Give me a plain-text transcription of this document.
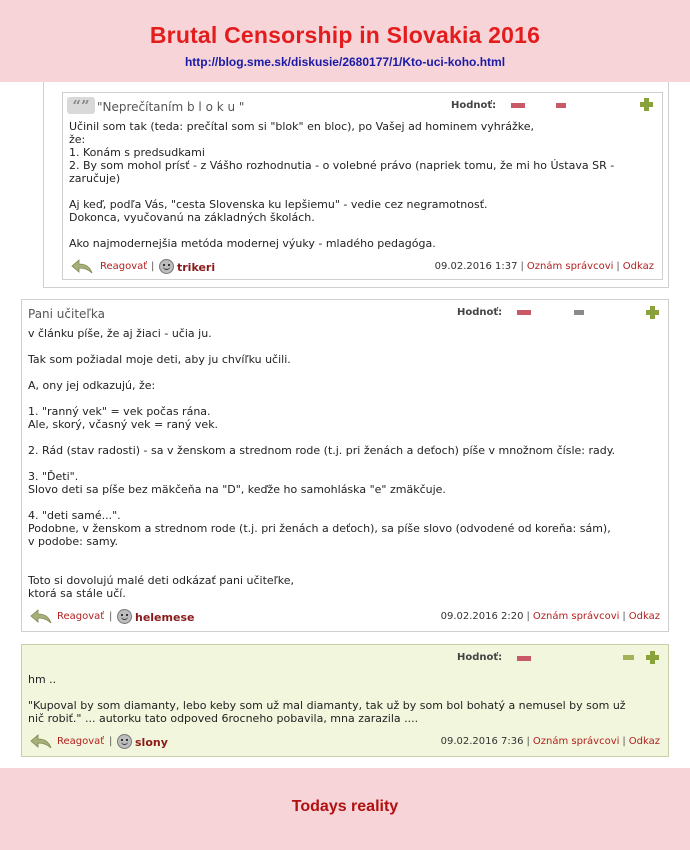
Brutal Censorship in Slovakia 2016
http://blog.sme.sk/diskusie/2680177/1/Kto-uci-koho.html
“” "Neprečítaním b l o k u "	Hodnoť:
Učinil som tak (teda: prečítal som si "blok" en bloc), po Vašej ad hominem vyhrážke,
že:
1. Konám s predsudkami
2. By som mohol prísť - z Vášho rozhodnutia - o volebné právo (napriek tomu, že mi ho Ústava SR - zaručuje)

Aj keď, podľa Vás, "cesta Slovenska ku lepšiemu" - vedie cez negramotnosť.
Dokonca, vyučovanú na základných školách.

Ako najmodernejšia metóda modernej výuky - mladého pedagóga.
Reagovať | trikeri	09.02.2016 1:37 | Oznám správcovi | Odkaz
Pani učiteľka	Hodnoť:
v článku píše, že aj žiaci - učia ju.

Tak som požiadal moje deti, aby ju chvíľku učili.

A, ony jej odkazujú, že:

1. "ranný vek" = vek počas rána.
Ale, skorý, včasný vek = raný vek.

2. Rád (stav radosti) - sa v ženskom a strednom rode (t.j. pri ženách a deťoch) píše v množnom čísle: rady.

3. "Ďeti".
Slovo deti sa píše bez mäkčeňa na "D", keďže ho samohláska "e" zmäkčuje.

4. "deti samé...".
Podobne, v ženskom a strednom rode (t.j. pri ženách a deťoch), sa píše slovo (odvodené od koreňa: sám),
v podobe: samy.

Toto si dovolujú malé deti odkázať pani učiteľke,
ktorá sa stále učí.
Reagovať | helemese	09.02.2016 2:20 | Oznám správcovi | Odkaz
Hodnoť:
hm ..

"Kupoval by som diamanty, lebo keby som už mal diamanty, tak už by som bol bohatý a nemusel by som už
nič robiť." ... autorku tato odpoved 6rocneho pobavila, mna zarazila ....
Reagovať | slony	09.02.2016 7:36 | Oznám správcovi | Odkaz
Todays reality
